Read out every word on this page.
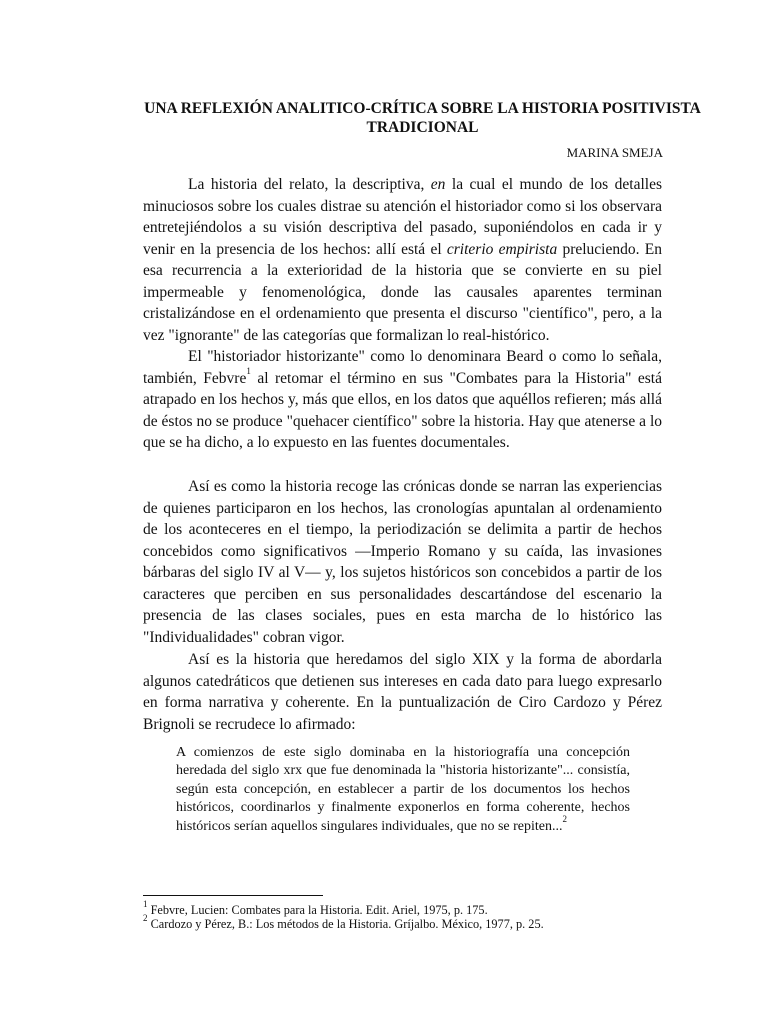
UNA REFLEXIÓN ANALITICO-CRÍTICA SOBRE LA HISTORIA POSITIVISTA TRADICIONAL

MARINA SMEJA

La historia del relato, la descriptiva, en la cual el mundo de los detalles minuciosos sobre los cuales distrae su atención el historiador como si los observara entretejiéndolos a su visión descriptiva del pasado, suponiéndolos en cada ir y venir en la presencia de los hechos: allí está el criterio empirista preluciendo. En esa recurrencia a la exterioridad de la historia que se convierte en su piel impermeable y fenomenológica, donde las causales aparentes terminan cristalizándose en el ordenamiento que presenta el discurso "científico", pero, a la vez "ignorante" de las categorías que formalizan lo real-histórico.

El "historiador historizante" como lo denominara Beard o como lo señala, también, Febvre$^1$ al retomar el término en sus "Combates para la Historia" está atrapado en los hechos y, más que ellos, en los datos que aquéllos refieren; más allá de éstos no se produce "quehacer científico" sobre la historia. Hay que atenerse a lo que se ha dicho, a lo expuesto en las fuentes documentales.

Así es como la historia recoge las crónicas donde se narran las experiencias de quienes participaron en los hechos, las cronologías apuntalan al ordenamiento de los aconteceres en el tiempo, la periodización se delimita a partir de hechos concebidos como significativos —Imperio Romano y su caída, las invasiones bárbaras del siglo IV al V— y, los sujetos históricos son concebidos a partir de los caracteres que perciben en sus personalidades descartándose del escenario la presencia de las clases sociales, pues en esta marcha de lo histórico las "Individualidades" cobran vigor.

Así es la historia que heredamos del siglo XIX y la forma de abordarla algunos catedráticos que detienen sus intereses en cada dato para luego expresarlo en forma narrativa y coherente. En la puntualización de Ciro Cardozo y Pérez Brignoli se recrudece lo afirmado:

A comienzos de este siglo dominaba en la historiografía una concepción heredada del siglo xrx que fue denominada la "historia historizante"... consistía, según esta concepción, en establecer a partir de los documentos los hechos históricos, coordinarlos y finalmente exponerlos en forma coherente, hechos históricos serían aquellos singulares individuales, que no se repiten...$^2$

$^1$ Febvre, Lucien: Combates para la Historia. Edit. Ariel, 1975, p. 175.

$^2$ Cardozo y Pérez, B.: Los métodos de la Historia. Gríjalbo. México, 1977, p. 25.
